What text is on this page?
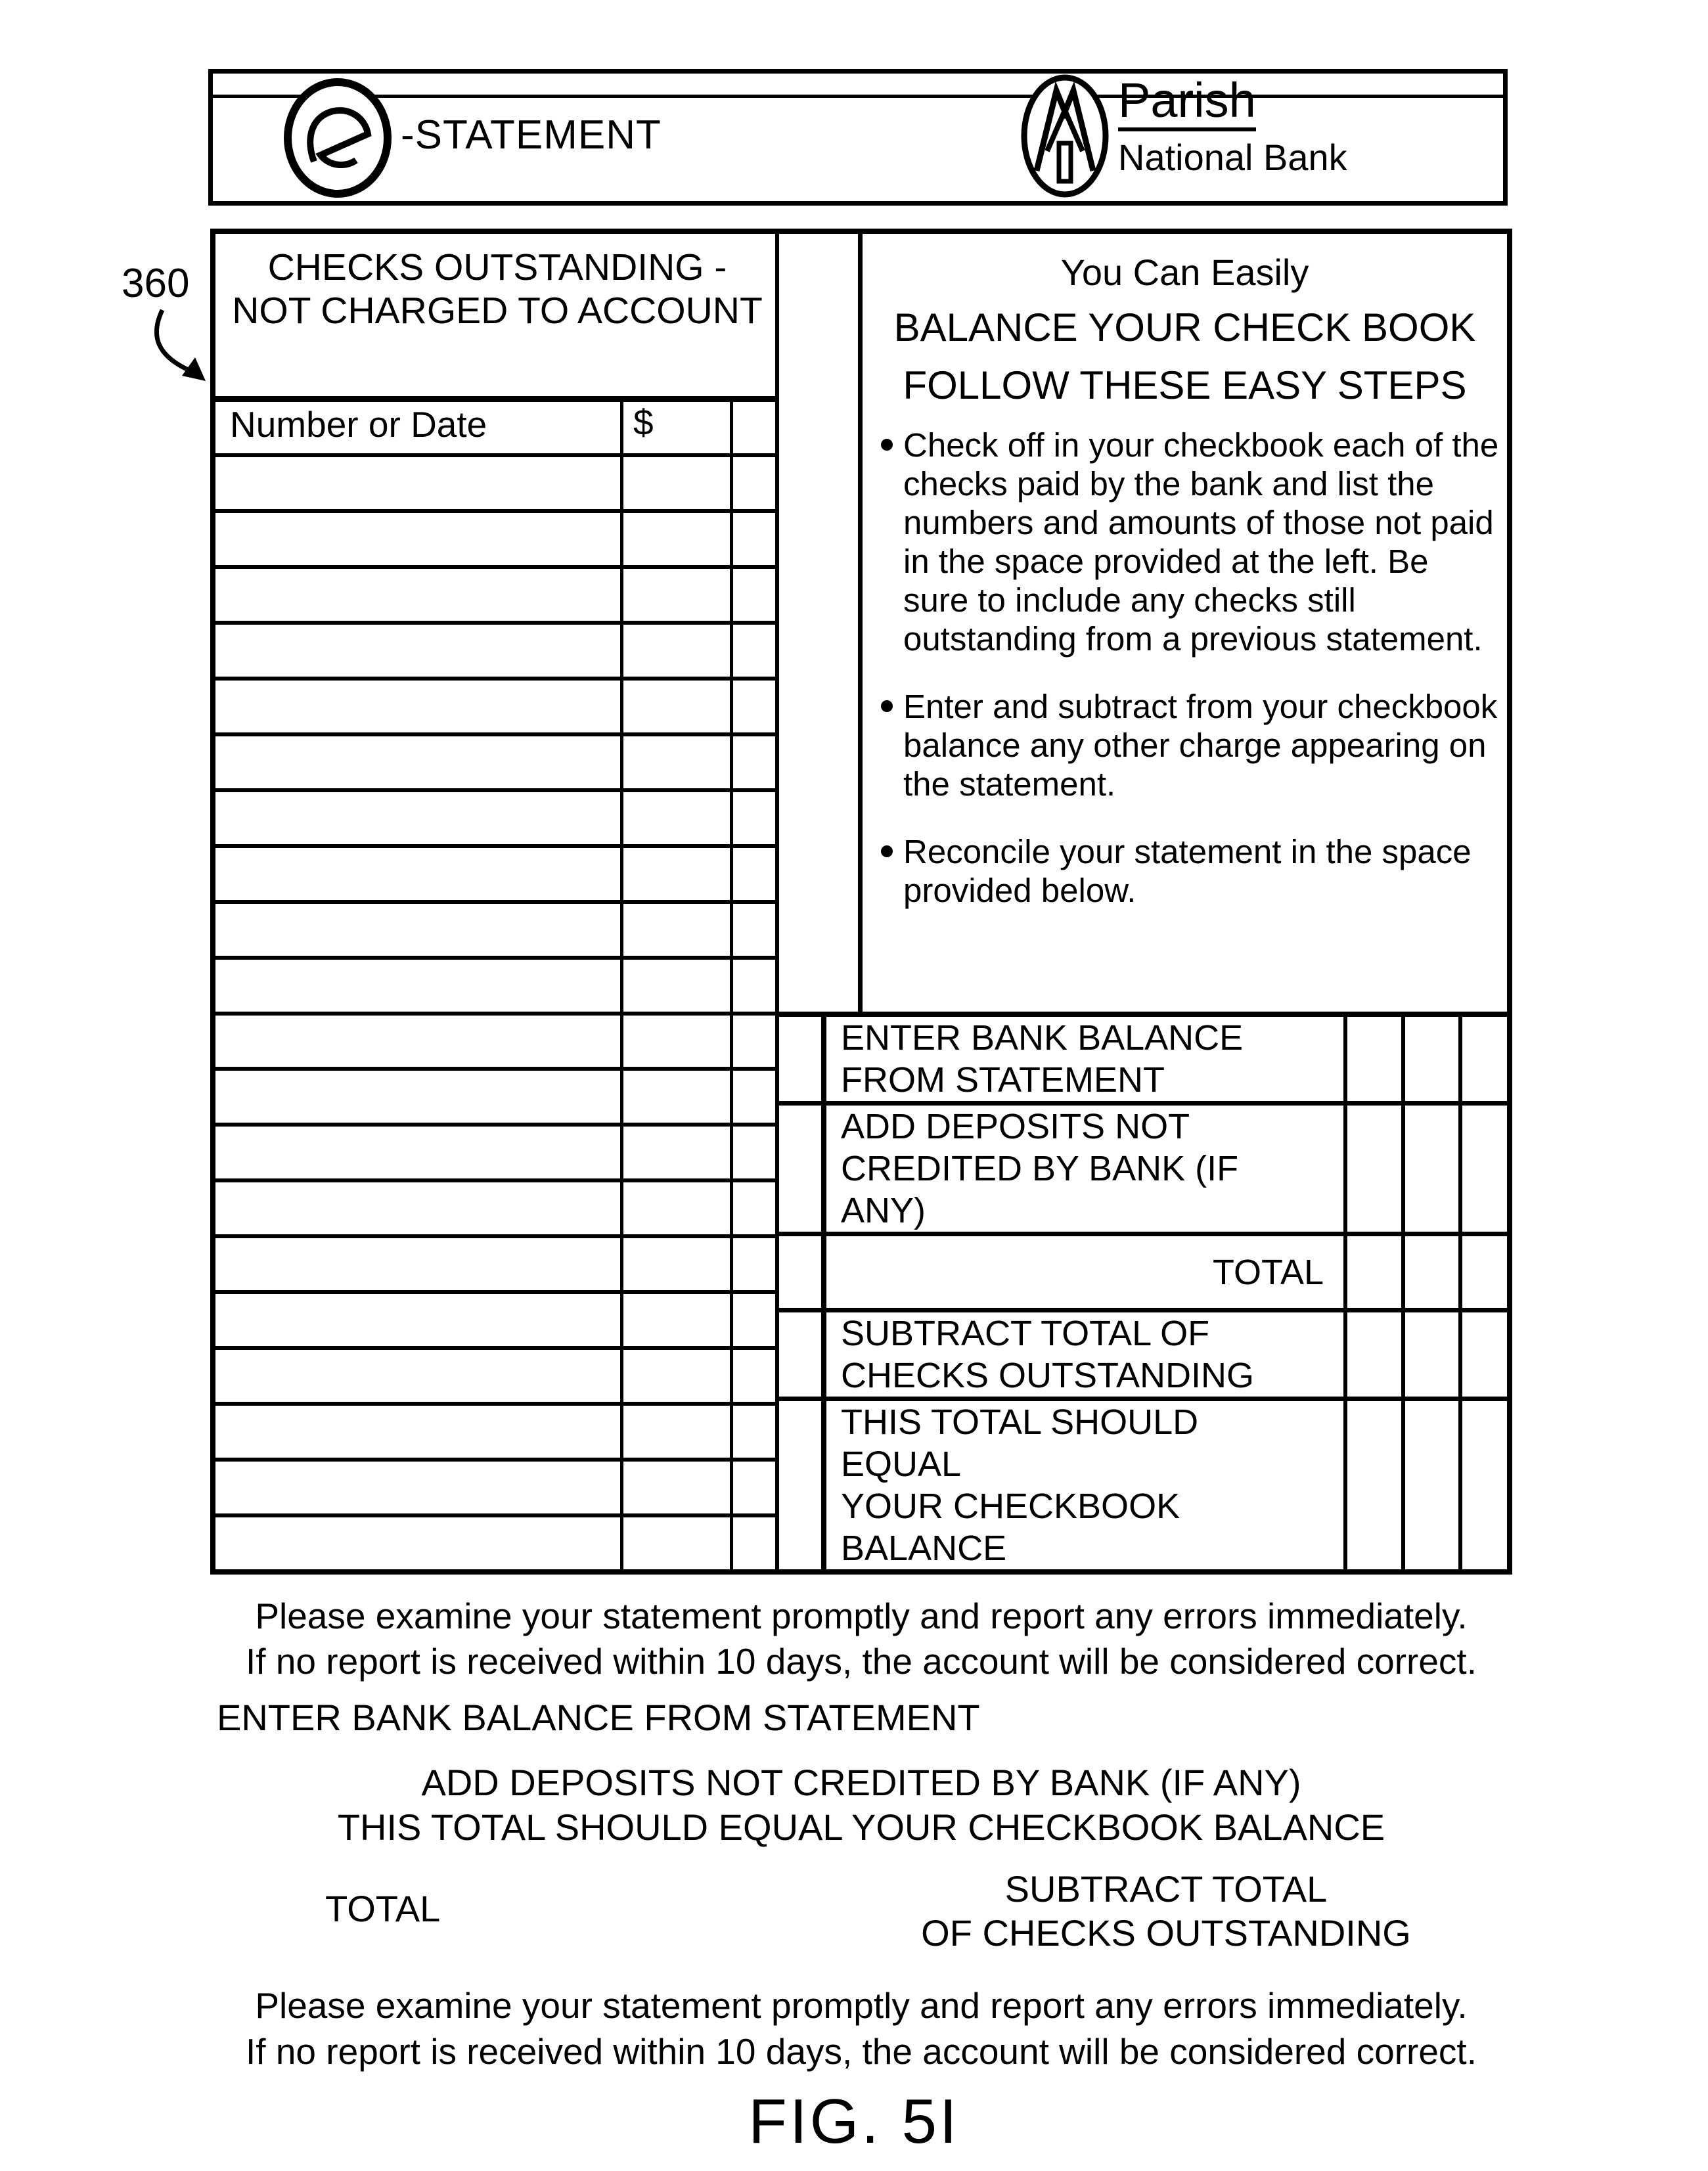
360
-STATEMENT
Parish
National Bank
CHECKS OUTSTANDING -
NOT CHARGED TO ACCOUNT
Number or Date	$
You Can Easily
BALANCE YOUR CHECK BOOK
FOLLOW THESE EASY STEPS
Check off in your checkbook each of the checks paid by the bank and list the numbers and amounts of those not paid in the space provided at the left. Be sure to include any checks still outstanding from a previous statement.
Enter and subtract from your checkbook balance any other charge appearing on the statement.
Reconcile your statement in the space provided below.
ENTER BANK BALANCE
FROM STATEMENT
ADD DEPOSITS NOT
CREDITED BY BANK (IF ANY)
TOTAL
SUBTRACT TOTAL OF
CHECKS OUTSTANDING
THIS TOTAL SHOULD EQUAL
YOUR CHECKBOOK BALANCE
Please examine your statement promptly and report any errors immediately.
If no report is received within 10 days, the account will be considered correct.
ENTER BANK BALANCE FROM STATEMENT
ADD DEPOSITS NOT CREDITED BY BANK (IF ANY)
THIS TOTAL SHOULD EQUAL YOUR CHECKBOOK BALANCE
TOTAL	SUBTRACT TOTAL
OF CHECKS OUTSTANDING
Please examine your statement promptly and report any errors immediately.
If no report is received within 10 days, the account will be considered correct.
FIG. 5I
